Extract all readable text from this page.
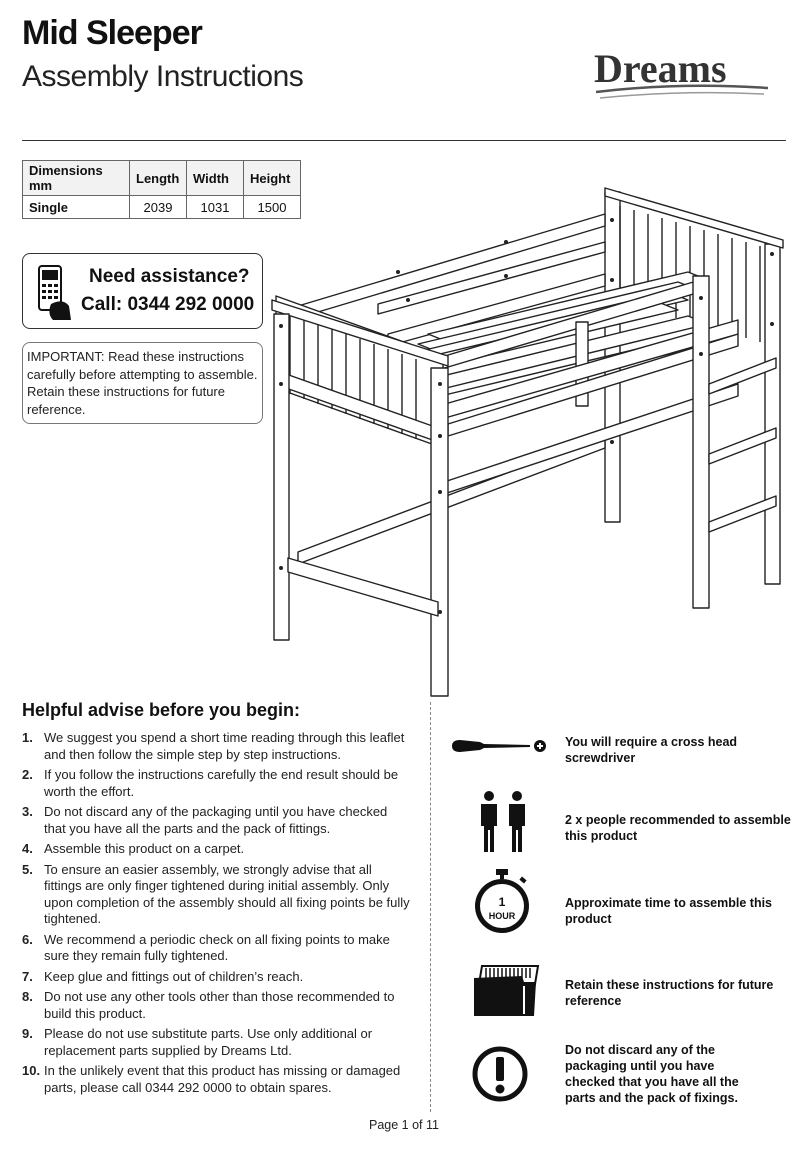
Mid Sleeper
Assembly Instructions	Dreams
Dimensions mm	Length	Width	Height
Single	2039	1031	1500
Need assistance?
Call: 0344 292 0000
IMPORTANT: Read these instructions carefully before attempting to assemble. Retain these instructions for future reference.
Helpful advise before you begin:
1. We suggest you spend a short time reading through this leaflet and then follow the simple step by step instructions.
2. If you follow the instructions carefully the end result should be worth the effort.
3. Do not discard any of the packaging until you have checked that you have all the parts and the pack of fittings.
4. Assemble this product on a carpet.
5. To ensure an easier assembly, we strongly advise that all fittings are only finger tightened during initial assembly. Only upon completion of the assembly should all fixing points be fully tightened.
6. We recommend a periodic check on all fixing points to make sure they remain fully tightened.
7. Keep glue and fittings out of children’s reach.
8. Do not use any other tools other than those recommended to build this product.
9. Please do not use substitute parts. Use only additional or replacement parts supplied by Dreams Ltd.
10. In the unlikely event that this product has missing or damaged parts, please call 0344 292 0000 to obtain spares.
You will require a cross head screwdriver
2 x people recommended to assemble this product
1
HOUR
Approximate time to assemble this product
Retain these instructions for future reference
Do not discard any of the packaging until you have checked that you have all the parts and the pack of fixings.
Page 1 of 11
